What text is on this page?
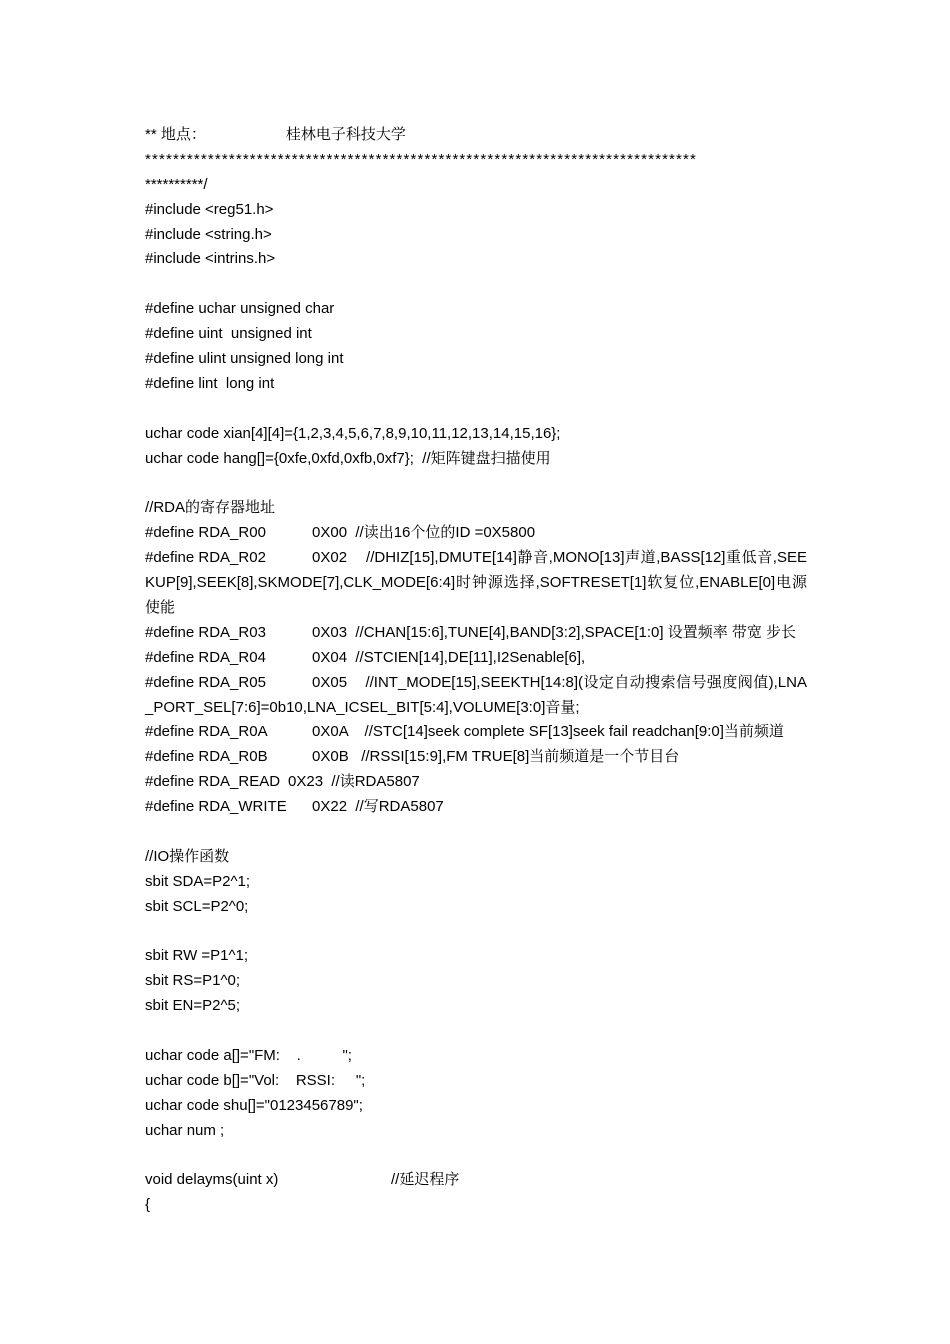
** 地点：	桂林电子科技大学
*******************************************************************************
**********/
#include <reg51.h>
#include <string.h>
#include <intrins.h>
#define uchar unsigned char
#define uint  unsigned int
#define ulint unsigned long int
#define lint  long int
uchar code xian[4][4]={1,2,3,4,5,6,7,8,9,10,11,12,13,14,15,16};
uchar code hang[]={0xfe,0xfd,0xfb,0xf7};  //矩阵键盘扫描使用
//RDA的寄存器地址
#define RDA_R00	0X00  //读出16个位的ID =0X5800
#define RDA_R02	0X02    //DHIZ[15],DMUTE[14]静音,MONO[13]声道,BASS[12]重低音,SEEKUP[9],SEEK[8],SKMODE[7],CLK_MODE[6:4]时钟源选择,SOFTRESET[1]软复位,ENABLE[0]电源使能
#define RDA_R03	0X03  //CHAN[15:6],TUNE[4],BAND[3:2],SPACE[1:0] 设置频率 带宽 步长
#define RDA_R04	0X04  //STCIEN[14],DE[11],I2Senable[6],
#define RDA_R05	0X05    //INT_MODE[15],SEEKTH[14:8](设定自动搜索信号强度阀值),LNA_PORT_SEL[7:6]=0b10,LNA_ICSEL_BIT[5:4],VOLUME[3:0]音量;
#define RDA_R0A	0X0A    //STC[14]seek complete SF[13]seek fail readchan[9:0]当前频道
#define RDA_R0B	0X0B   //RSSI[15:9],FM TRUE[8]当前频道是一个节目台
#define RDA_READ 0X23  //读RDA5807
#define RDA_WRITE 0X22  //写RDA5807
//IO操作函数
sbit SDA=P2^1;
sbit SCL=P2^0;
sbit RW =P1^1;
sbit RS=P1^0;
sbit EN=P2^5;
uchar code a[]="FM:    .          ";
uchar code b[]="Vol:    RSSI:     ";
uchar code shu[]="0123456789";
uchar num ;
void delayms(uint x)	//延迟程序
{
